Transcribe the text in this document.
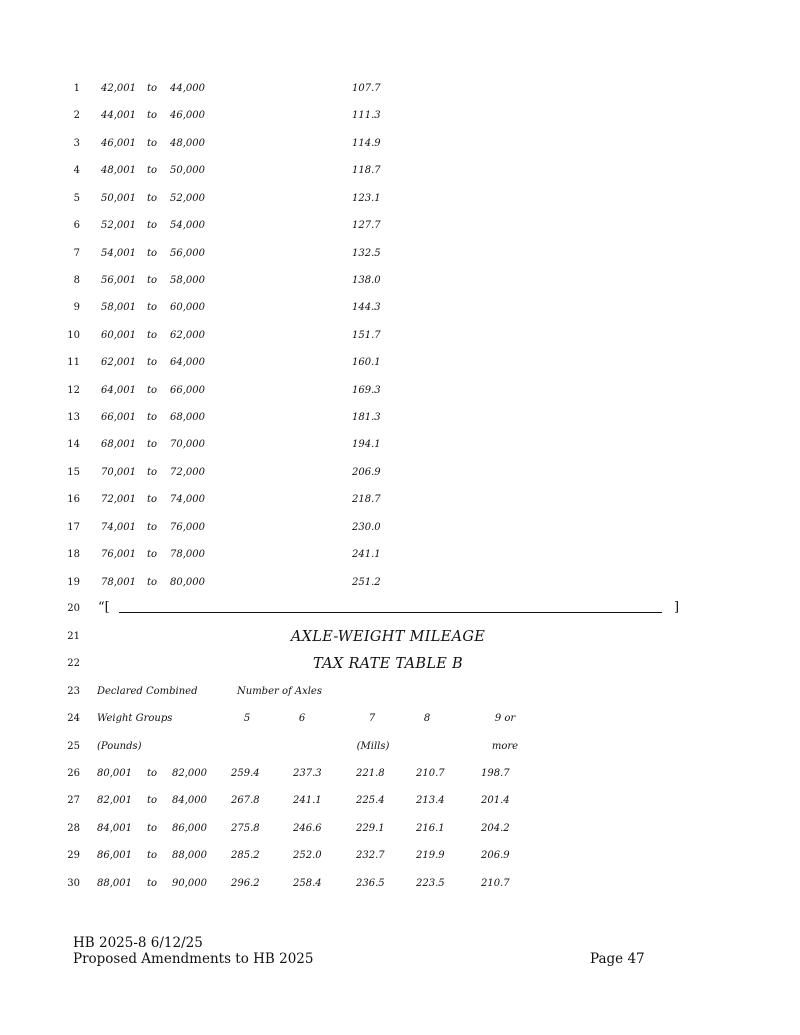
1 42,001 to 44,000	107.7
2 44,001 to 46,000	111.3
3 46,001 to 48,000	114.9
4 48,001 to 50,000	118.7
5 50,001 to 52,000	123.1
6 52,001 to 54,000	127.7
7 54,001 to 56,000	132.5
8 56,001 to 58,000	138.0
9 58,001 to 60,000	144.3
10 60,001 to 62,000	151.7
11 62,001 to 64,000	160.1
12 64,001 to 66,000	169.3
13 66,001 to 68,000	181.3
14 68,001 to 70,000	194.1
15 70,001 to 72,000	206.9
16 72,001 to 74,000	218.7
17 74,001 to 76,000	230.0
18 76,001 to 78,000	241.1
19 78,001 to 80,000	251.2
20 “[	]
21	AXLE-WEIGHT MILEAGE
22	TAX RATE TABLE B
23 Declared Combined	Number of Axles
24 Weight Groups	5	6	7	8	9 or
25 (Pounds)	(Mills)	more
26 80,001 to 82,000 259.4	237.3	221.8	210.7	198.7
27 82,001 to 84,000 267.8	241.1	225.4	213.4	201.4
28 84,001 to 86,000 275.8	246.6	229.1	216.1	204.2
29 86,001 to 88,000 285.2	252.0	232.7	219.9	206.9
30 88,001 to 90,000 296.2	258.4	236.5	223.5	210.7
HB 2025-8 6/12/25
Proposed Amendments to HB 2025	Page 47
